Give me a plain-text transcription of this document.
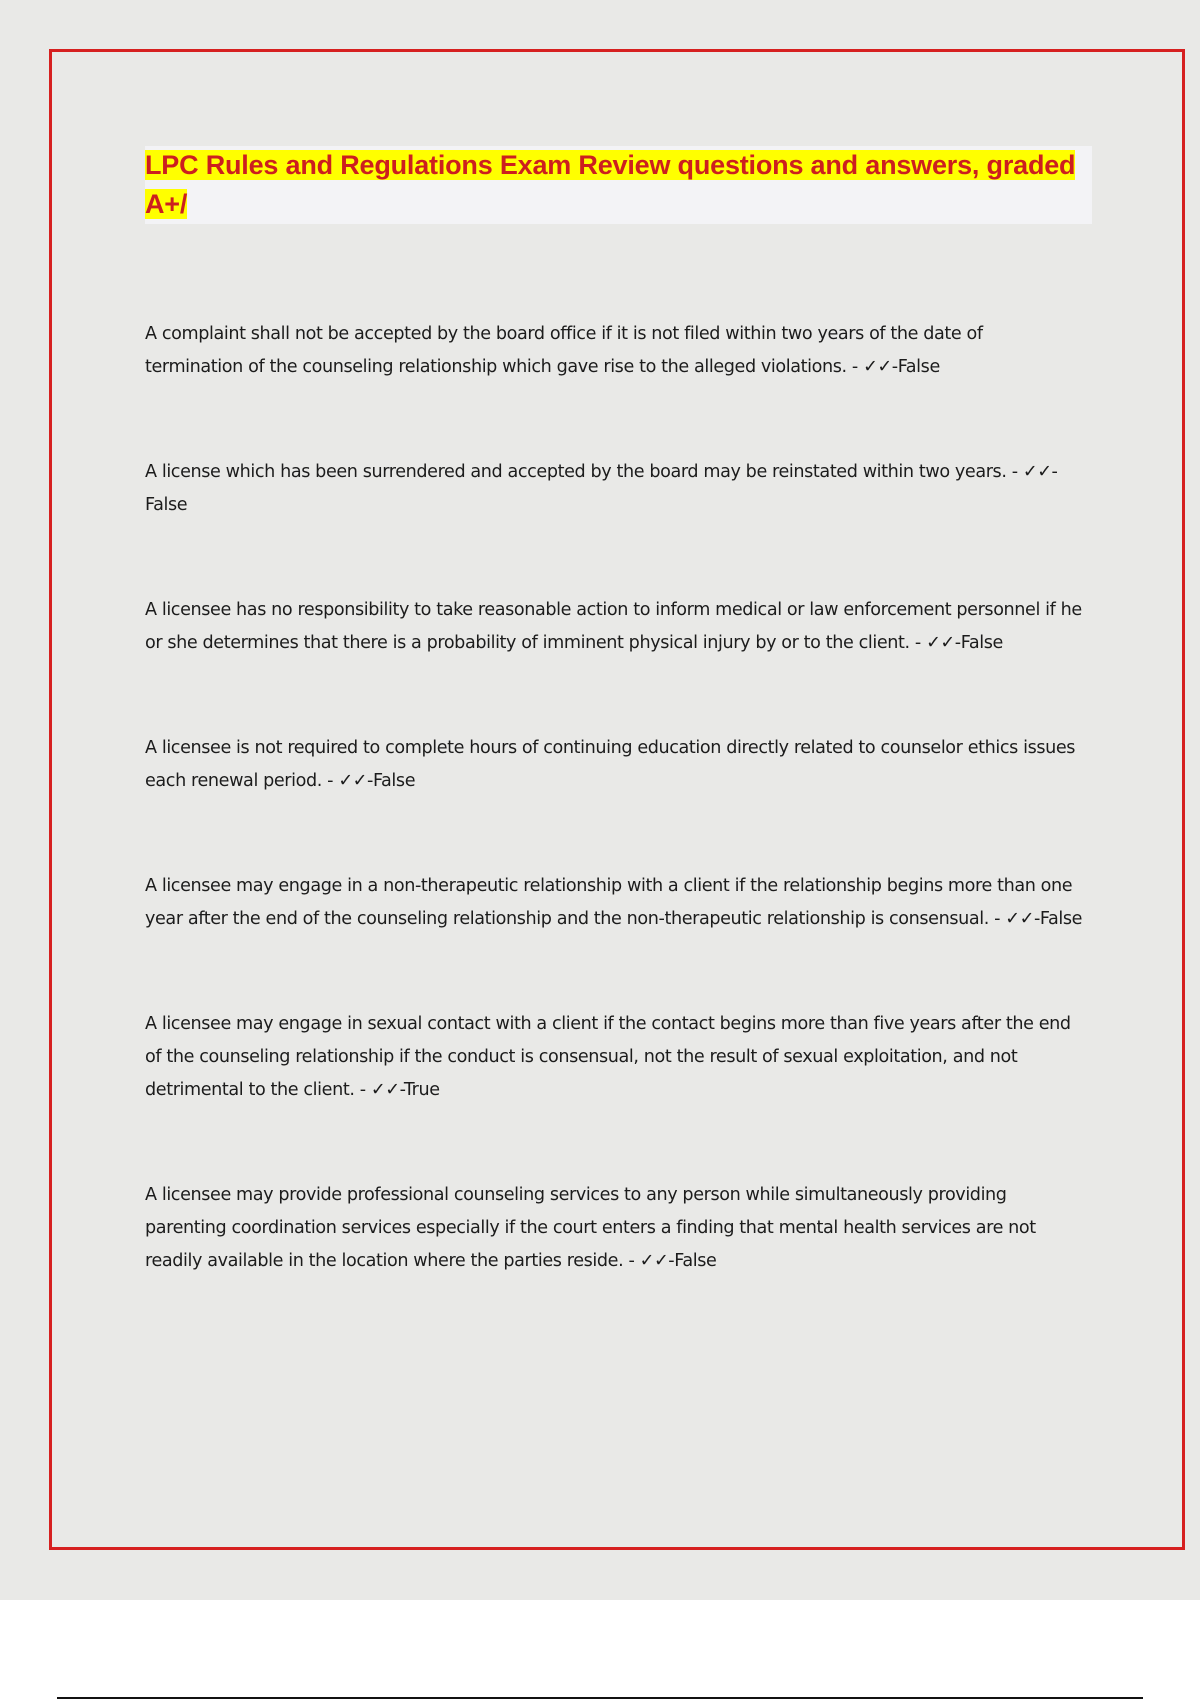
LPC Rules and Regulations Exam Review questions and answers, graded A+/

A complaint shall not be accepted by the board office if it is not filed within two years of the date of termination of the counseling relationship which gave rise to the alleged violations. - ✓✓-False

A license which has been surrendered and accepted by the board may be reinstated within two years. - ✓✓-False

A licensee has no responsibility to take reasonable action to inform medical or law enforcement personnel if he or she determines that there is a probability of imminent physical injury by or to the client. - ✓✓-False

A licensee is not required to complete hours of continuing education directly related to counselor ethics issues each renewal period. - ✓✓-False

A licensee may engage in a non-therapeutic relationship with a client if the relationship begins more than one year after the end of the counseling relationship and the non-therapeutic relationship is consensual. - ✓✓-False

A licensee may engage in sexual contact with a client if the contact begins more than five years after the end of the counseling relationship if the conduct is consensual, not the result of sexual exploitation, and not detrimental to the client. - ✓✓-True

A licensee may provide professional counseling services to any person while simultaneously providing parenting coordination services especially if the court enters a finding that mental health services are not readily available in the location where the parties reside. - ✓✓-False
